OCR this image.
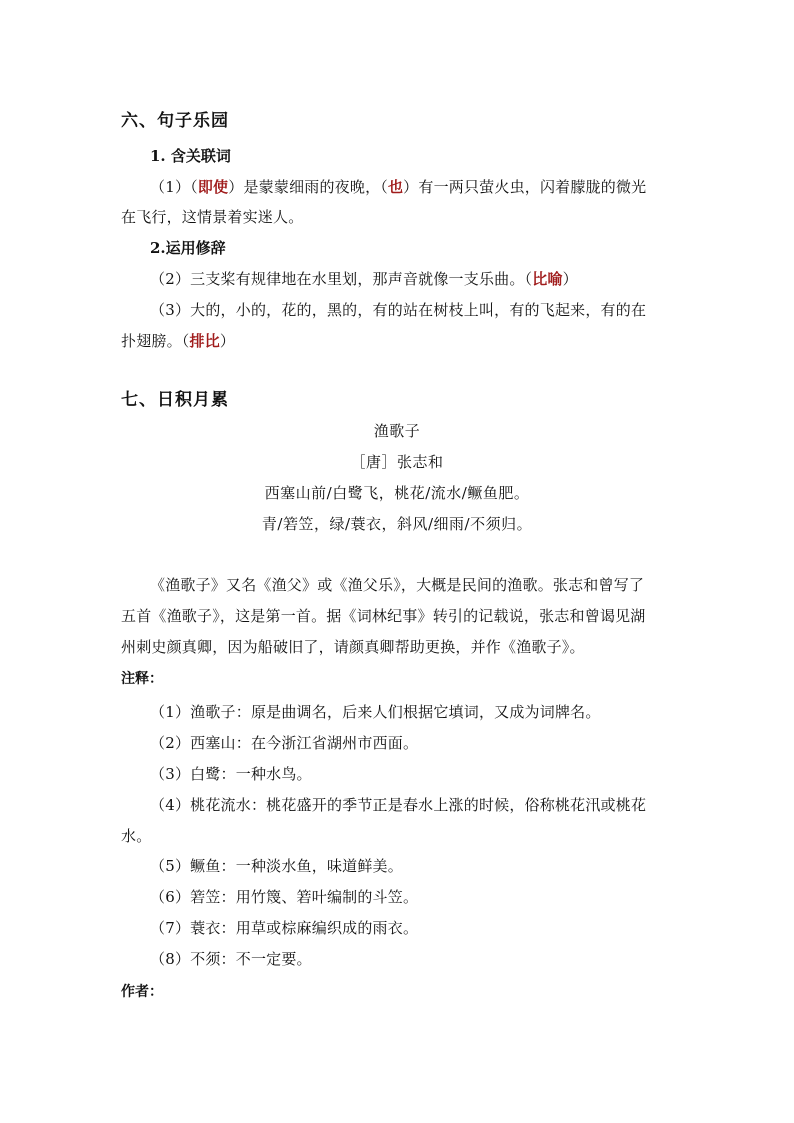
六、句子乐园
1. 含关联词
（1）（即使）是蒙蒙细雨的夜晚，（也）有一两只萤火虫，闪着朦胧的微光
在飞行，这情景着实迷人。
2.运用修辞
（2）三支桨有规律地在水里划，那声音就像一支乐曲。（比喻）
（3）大的，小的，花的，黑的，有的站在树枝上叫，有的飞起来，有的在
扑翅膀。（排比）
七、日积月累
渔歌子
［唐］张志和
西塞山前/白鹭飞，桃花/流水/鳜鱼肥。
青/箬笠，绿/蓑衣，斜风/细雨/不须归。
《渔歌子》又名《渔父》或《渔父乐》，大概是民间的渔歌。张志和曾写了
五首《渔歌子》，这是第一首。据《词林纪事》转引的记载说，张志和曾谒见湖
州刺史颜真卿，因为船破旧了，请颜真卿帮助更换，并作《渔歌子》。
注释：
（1）渔歌子：原是曲调名，后来人们根据它填词，又成为词牌名。
（2）西塞山：在今浙江省湖州市西面。
（3）白鹭：一种水鸟。
（4）桃花流水：桃花盛开的季节正是春水上涨的时候，俗称桃花汛或桃花
水。
（5）鳜鱼：一种淡水鱼，味道鲜美。
（6）箬笠：用竹篾、箬叶编制的斗笠。
（7）蓑衣：用草或棕麻编织成的雨衣。
（8）不须：不一定要。
作者：
